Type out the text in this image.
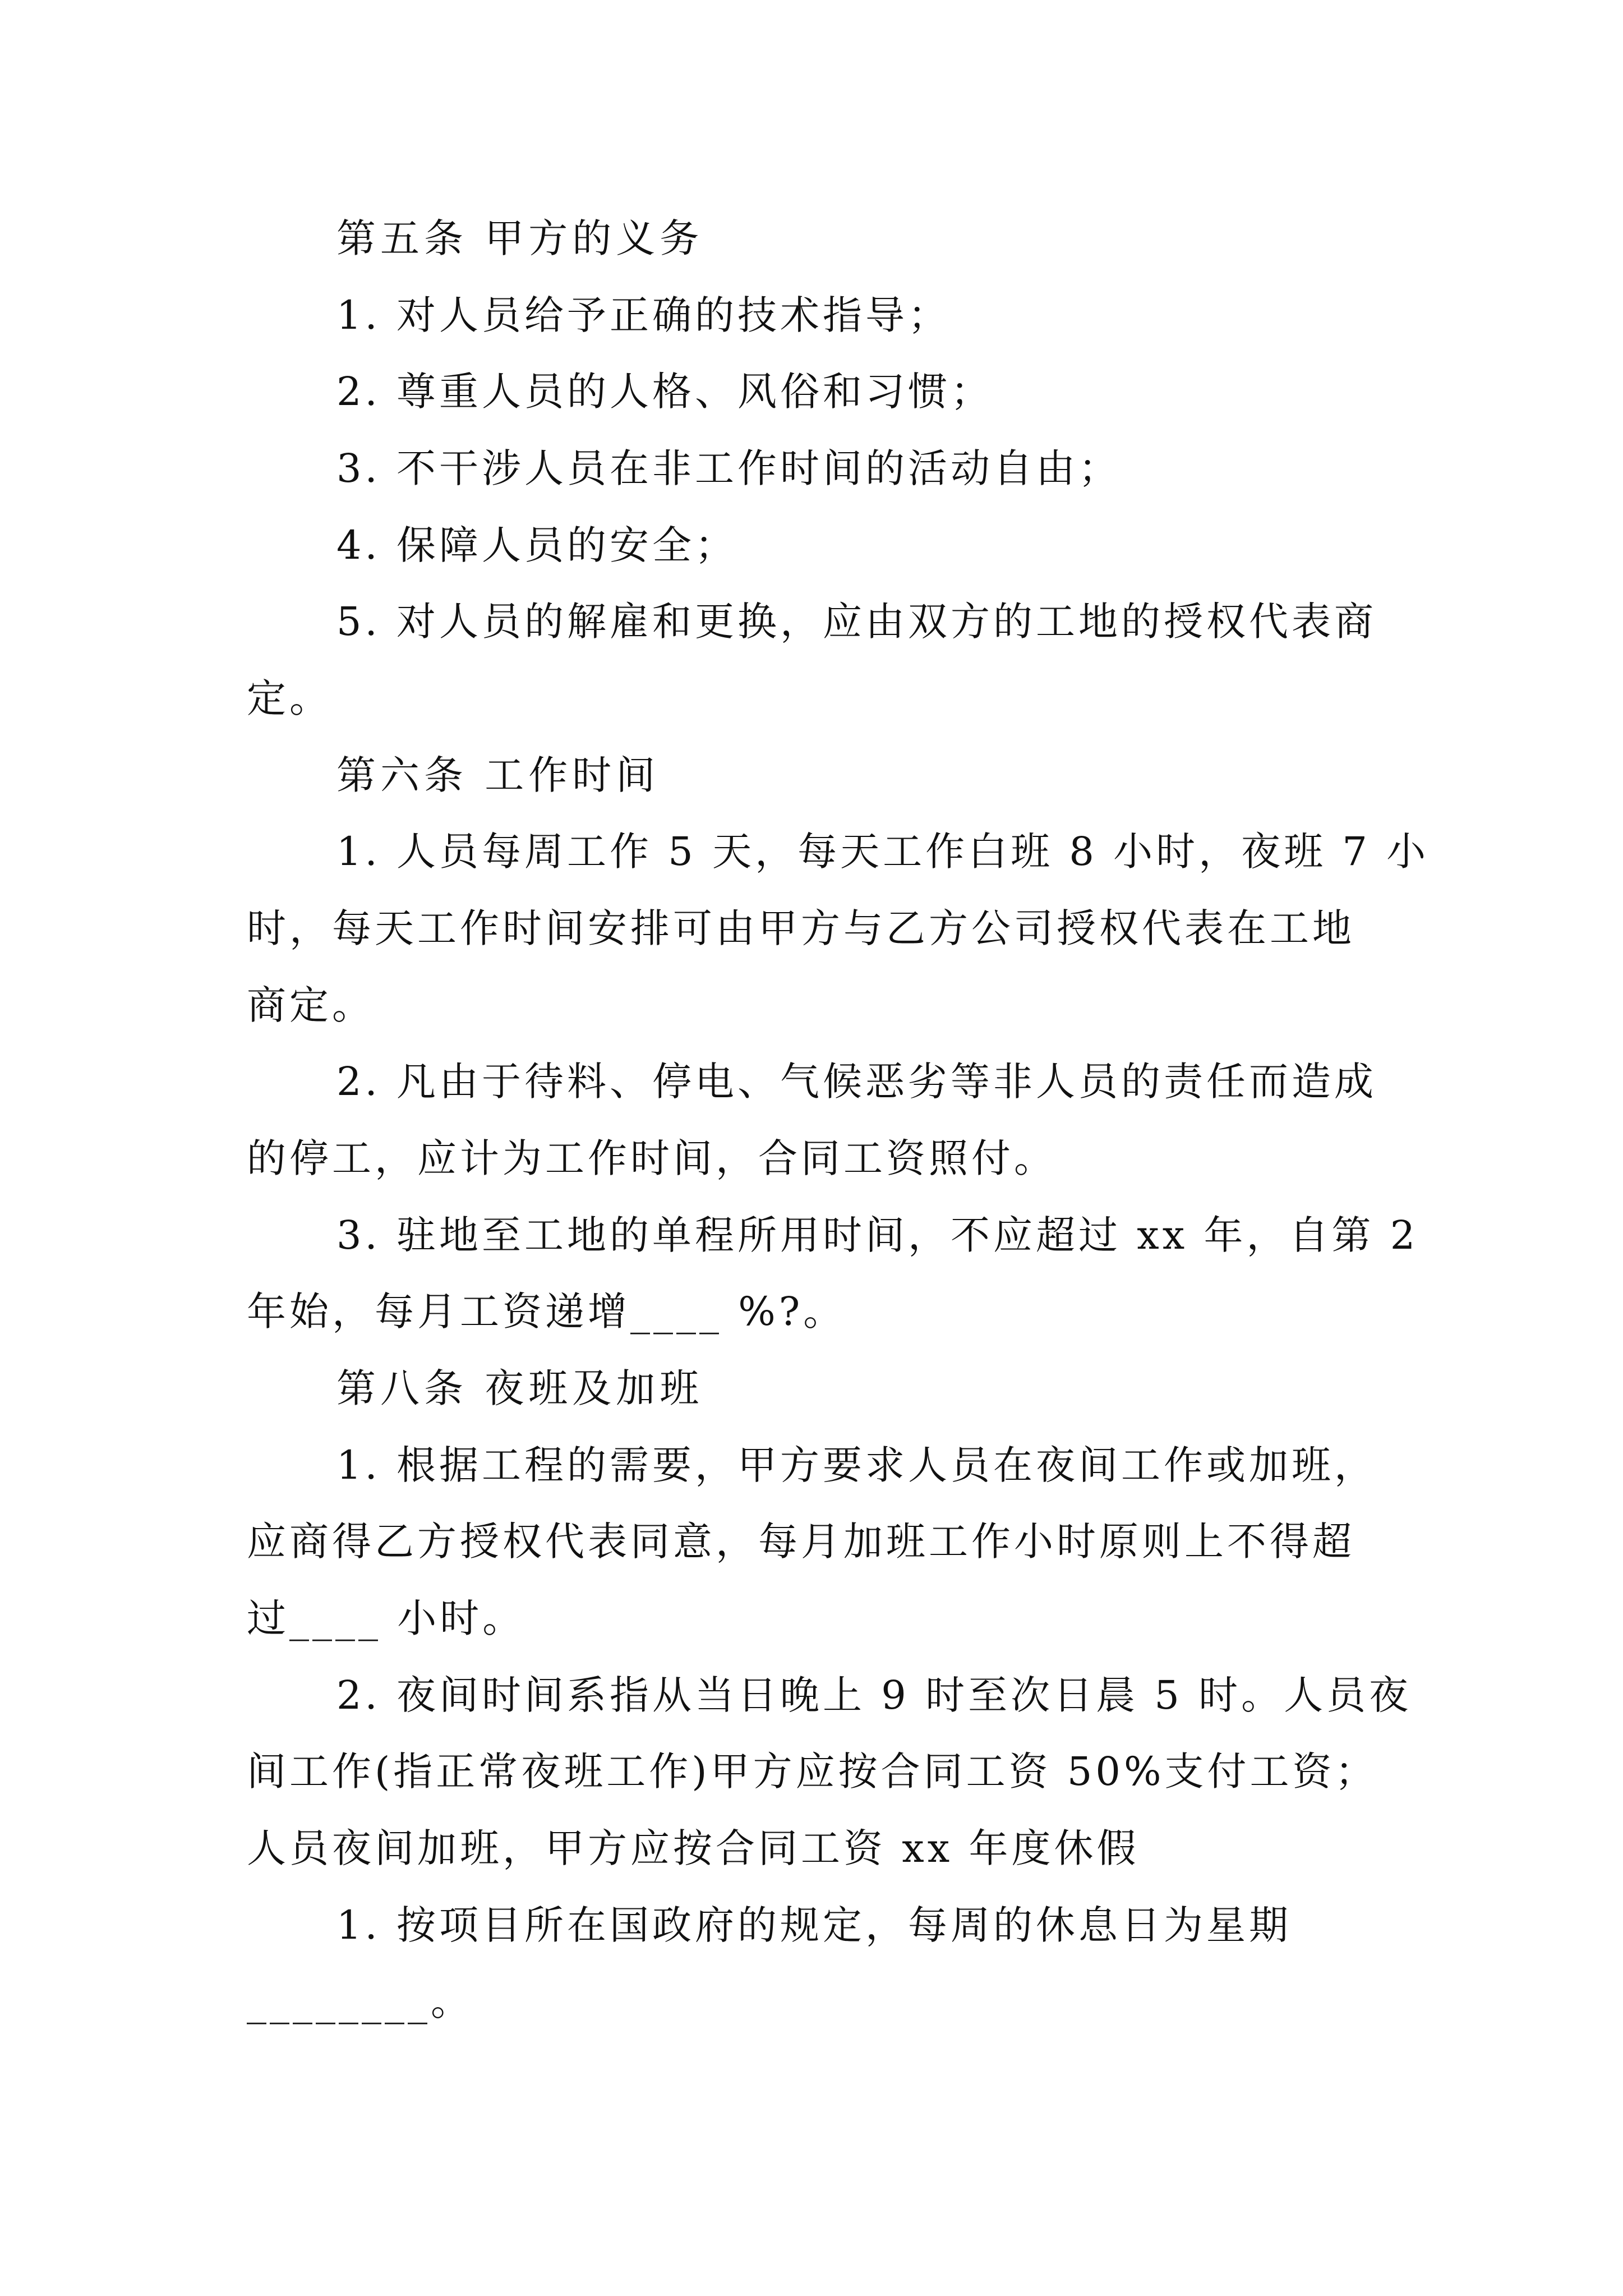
第五条 甲方的义务
1. 对人员给予正确的技术指导；
2. 尊重人员的人格、风俗和习惯；
3. 不干涉人员在非工作时间的活动自由；
4. 保障人员的安全；
5. 对人员的解雇和更换，应由双方的工地的授权代表商
定。
第六条 工作时间
1. 人员每周工作 5 天，每天工作白班 8 小时，夜班 7 小
时，每天工作时间安排可由甲方与乙方公司授权代表在工地
商定。
2. 凡由于待料、停电、气候恶劣等非人员的责任而造成
的停工，应计为工作时间，合同工资照付。
3. 驻地至工地的单程所用时间，不应超过 xx 年，自第 2
年始，每月工资递增____ %?。
第八条 夜班及加班
1. 根据工程的需要，甲方要求人员在夜间工作或加班，
应商得乙方授权代表同意，每月加班工作小时原则上不得超
过____ 小时。
2. 夜间时间系指从当日晚上 9 时至次日晨 5 时。人员夜
间工作(指正常夜班工作)甲方应按合同工资 50%支付工资；
人员夜间加班，甲方应按合同工资 xx 年度休假
1. 按项目所在国政府的规定，每周的休息日为星期
________。
